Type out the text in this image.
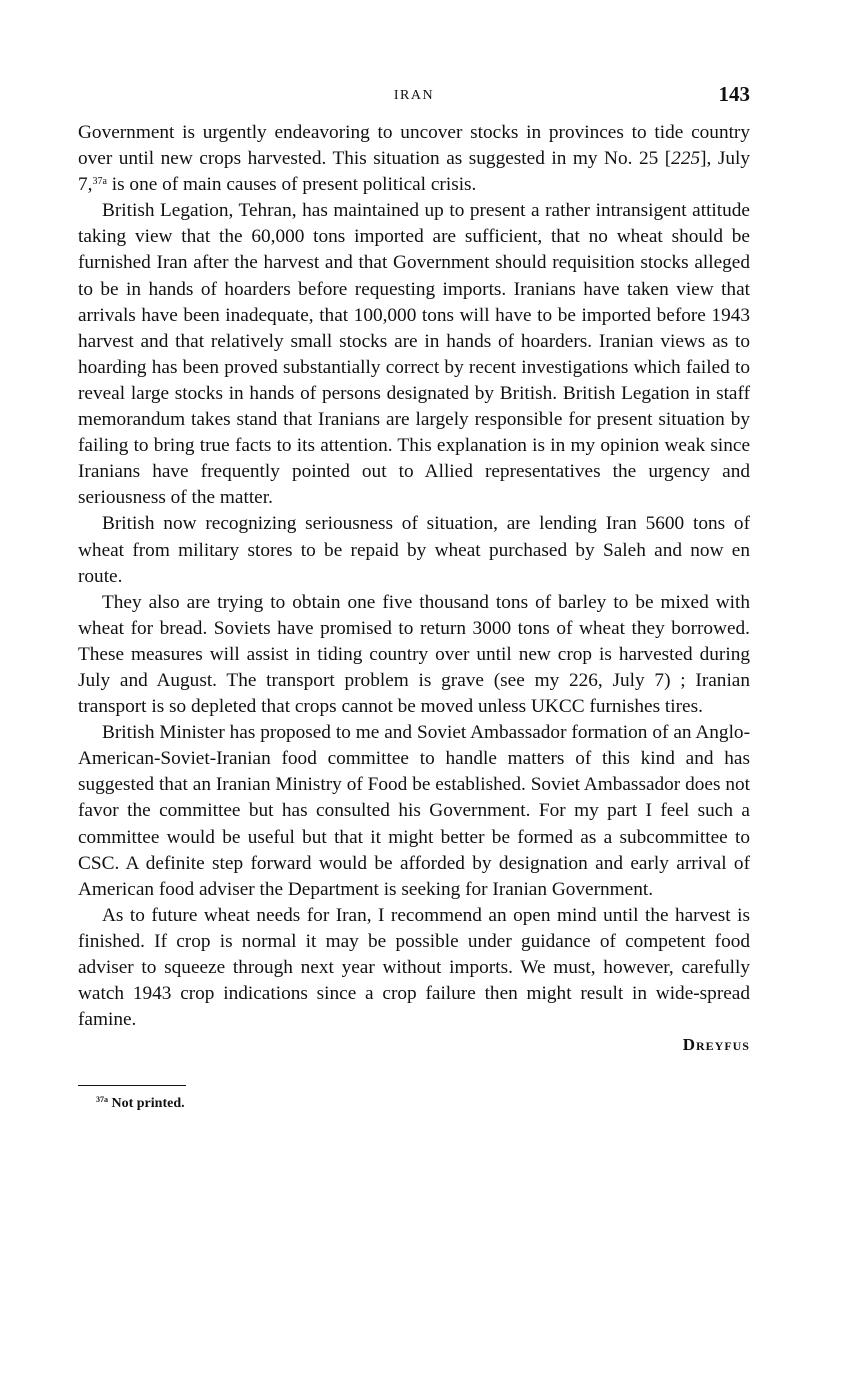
IRAN	143

Government is urgently endeavoring to uncover stocks in provinces to tide country over until new crops harvested. This situation as suggested in my No. 25 [225], July 7,$^{37a}$ is one of main causes of present political crisis.

British Legation, Tehran, has maintained up to present a rather intransigent attitude taking view that the 60,000 tons imported are sufficient, that no wheat should be furnished Iran after the harvest and that Government should requisition stocks alleged to be in hands of hoarders before requesting imports. Iranians have taken view that arrivals have been inadequate, that 100,000 tons will have to be imported before 1943 harvest and that relatively small stocks are in hands of hoarders. Iranian views as to hoarding has been proved substantially correct by recent investigations which failed to reveal large stocks in hands of persons designated by British. British Legation in staff memorandum takes stand that Iranians are largely responsible for present situation by failing to bring true facts to its attention. This explanation is in my opinion weak since Iranians have frequently pointed out to Allied representatives the urgency and seriousness of the matter.

British now recognizing seriousness of situation, are lending Iran 5600 tons of wheat from military stores to be repaid by wheat purchased by Saleh and now en route.

They also are trying to obtain one five thousand tons of barley to be mixed with wheat for bread. Soviets have promised to return 3000 tons of wheat they borrowed. These measures will assist in tiding country over until new crop is harvested during July and August. The transport problem is grave (see my 226, July 7) ; Iranian transport is so depleted that crops cannot be moved unless UKCC furnishes tires.

British Minister has proposed to me and Soviet Ambassador formation of an Anglo-American-Soviet-Iranian food committee to handle matters of this kind and has suggested that an Iranian Ministry of Food be established. Soviet Ambassador does not favor the committee but has consulted his Government. For my part I feel such a committee would be useful but that it might better be formed as a subcommittee to CSC. A definite step forward would be afforded by designation and early arrival of American food adviser the Department is seeking for Iranian Government.

As to future wheat needs for Iran, I recommend an open mind until the harvest is finished. If crop is normal it may be possible under guidance of competent food adviser to squeeze through next year without imports. We must, however, carefully watch 1943 crop indications since a crop failure then might result in wide-spread famine.

Dreyfus
$^{37a}$ Not printed.
